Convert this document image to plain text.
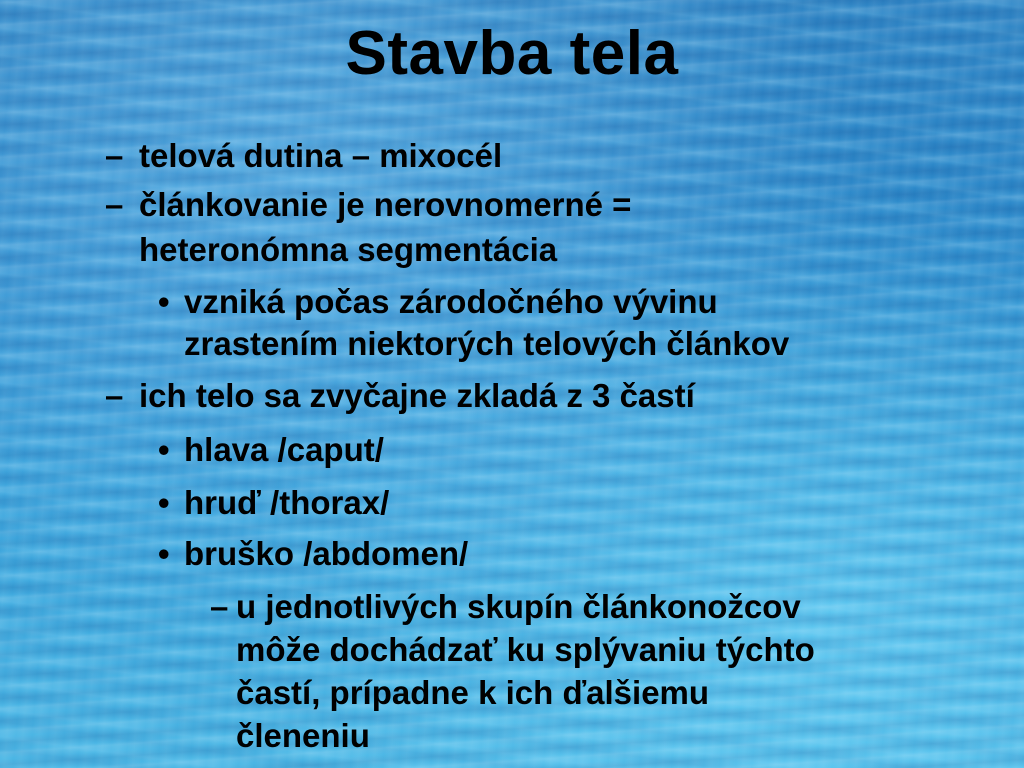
Stavba tela
– telová dutina – mixocél
– článkovanie je nerovnomerné =
heteronómna segmentácia
• vzniká počas zárodočného vývinu
zrastením niektorých telových článkov
– ich telo sa zvyčajne zkladá z 3 častí
• hlava /caput/
• hruď /thorax/
• bruško /abdomen/
– u jednotlivých skupín článkonožcov
môže dochádzať ku splývaniu týchto
častí, prípadne k ich ďalšiemu
členeniu
